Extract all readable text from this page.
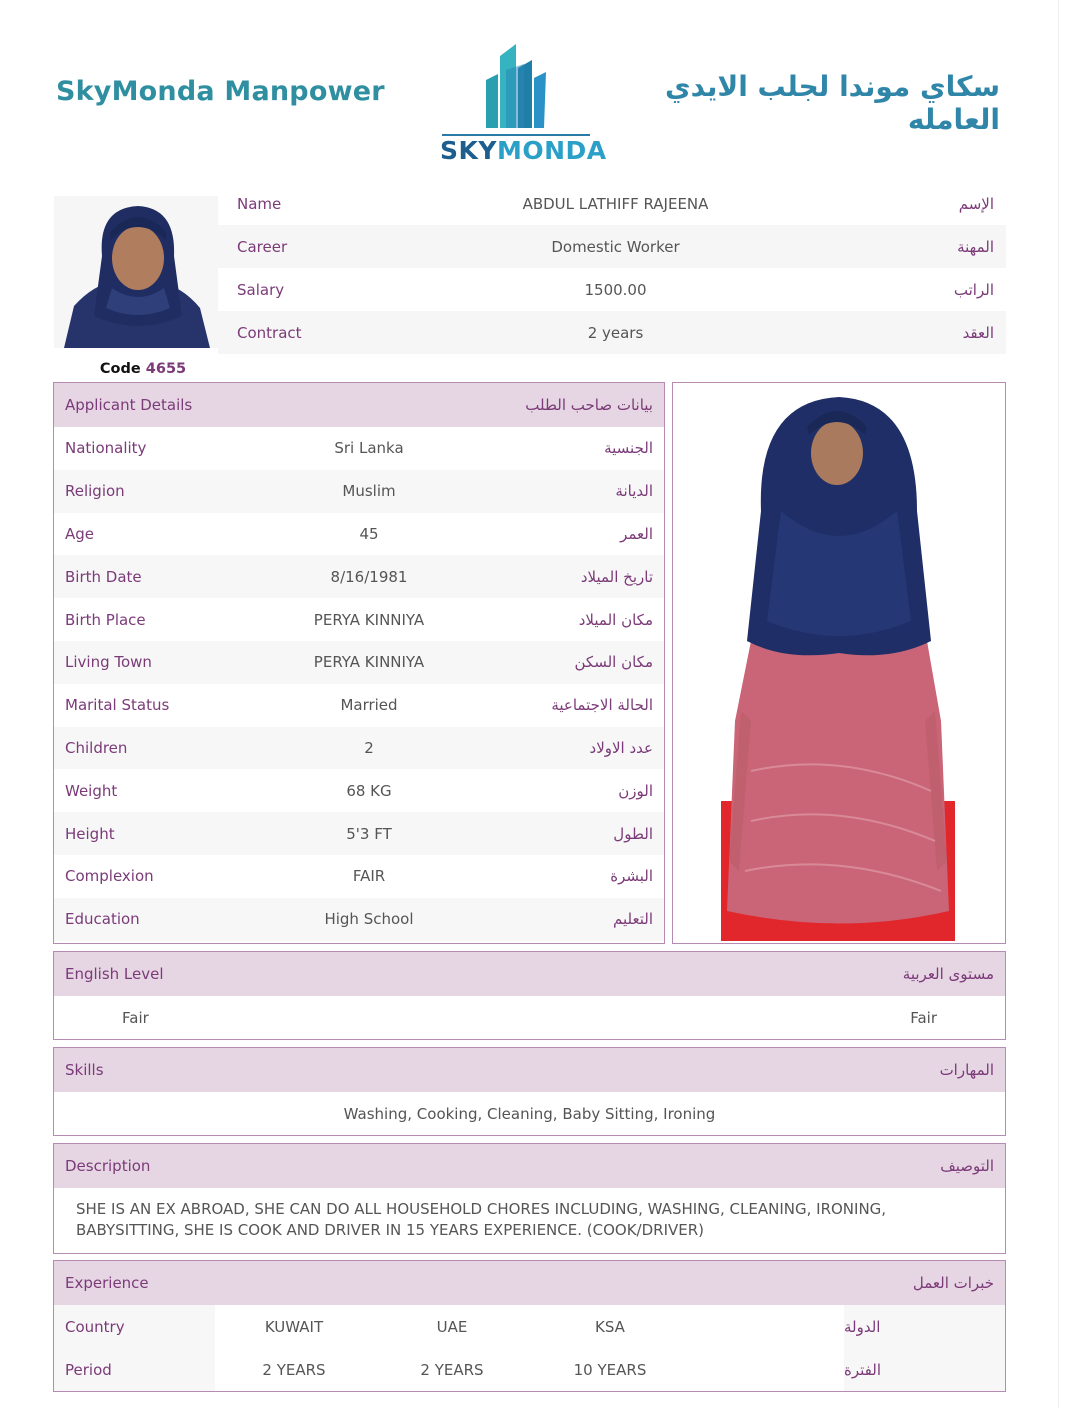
SkyMonda Manpower
SKYMONDA
سكاي موندا لجلب الايدي العامله
Code 4655
Name	ABDUL LATHIFF RAJEENA	الإسم
Career	Domestic Worker	المهنة
Salary	1500.00	الراتب
Contract	2 years	العقد
Applicant Details	بيانات صاحب الطلب
Nationality	Sri Lanka	الجنسية
Religion	Muslim	الديانة
Age	45	العمر
Birth Date	8/16/1981	تاريخ الميلاد
Birth Place	PERYA KINNIYA	مكان الميلاد
Living Town	PERYA KINNIYA	مكان السكن
Marital Status	Married	الحالة الاجتماعية
Children	2	عدد الاولاد
Weight	68 KG	الوزن
Height	5'3 FT	الطول
Complexion	FAIR	البشرة
Education	High School	التعليم
English Level	مستوى العربية
Fair	Fair
Skills	المهارات
Washing, Cooking, Cleaning, Baby Sitting, Ironing
Description	التوصيف
SHE IS AN EX ABROAD, SHE CAN DO ALL HOUSEHOLD CHORES INCLUDING, WASHING, CLEANING, IRONING, BABYSITTING, SHE IS COOK AND DRIVER IN 15 YEARS EXPERIENCE. (COOK/DRIVER)
Experience	خبرات العمل
Country	KUWAIT	UAE	KSA	الدولة
Period	2 YEARS	2 YEARS	10 YEARS	الفترة
